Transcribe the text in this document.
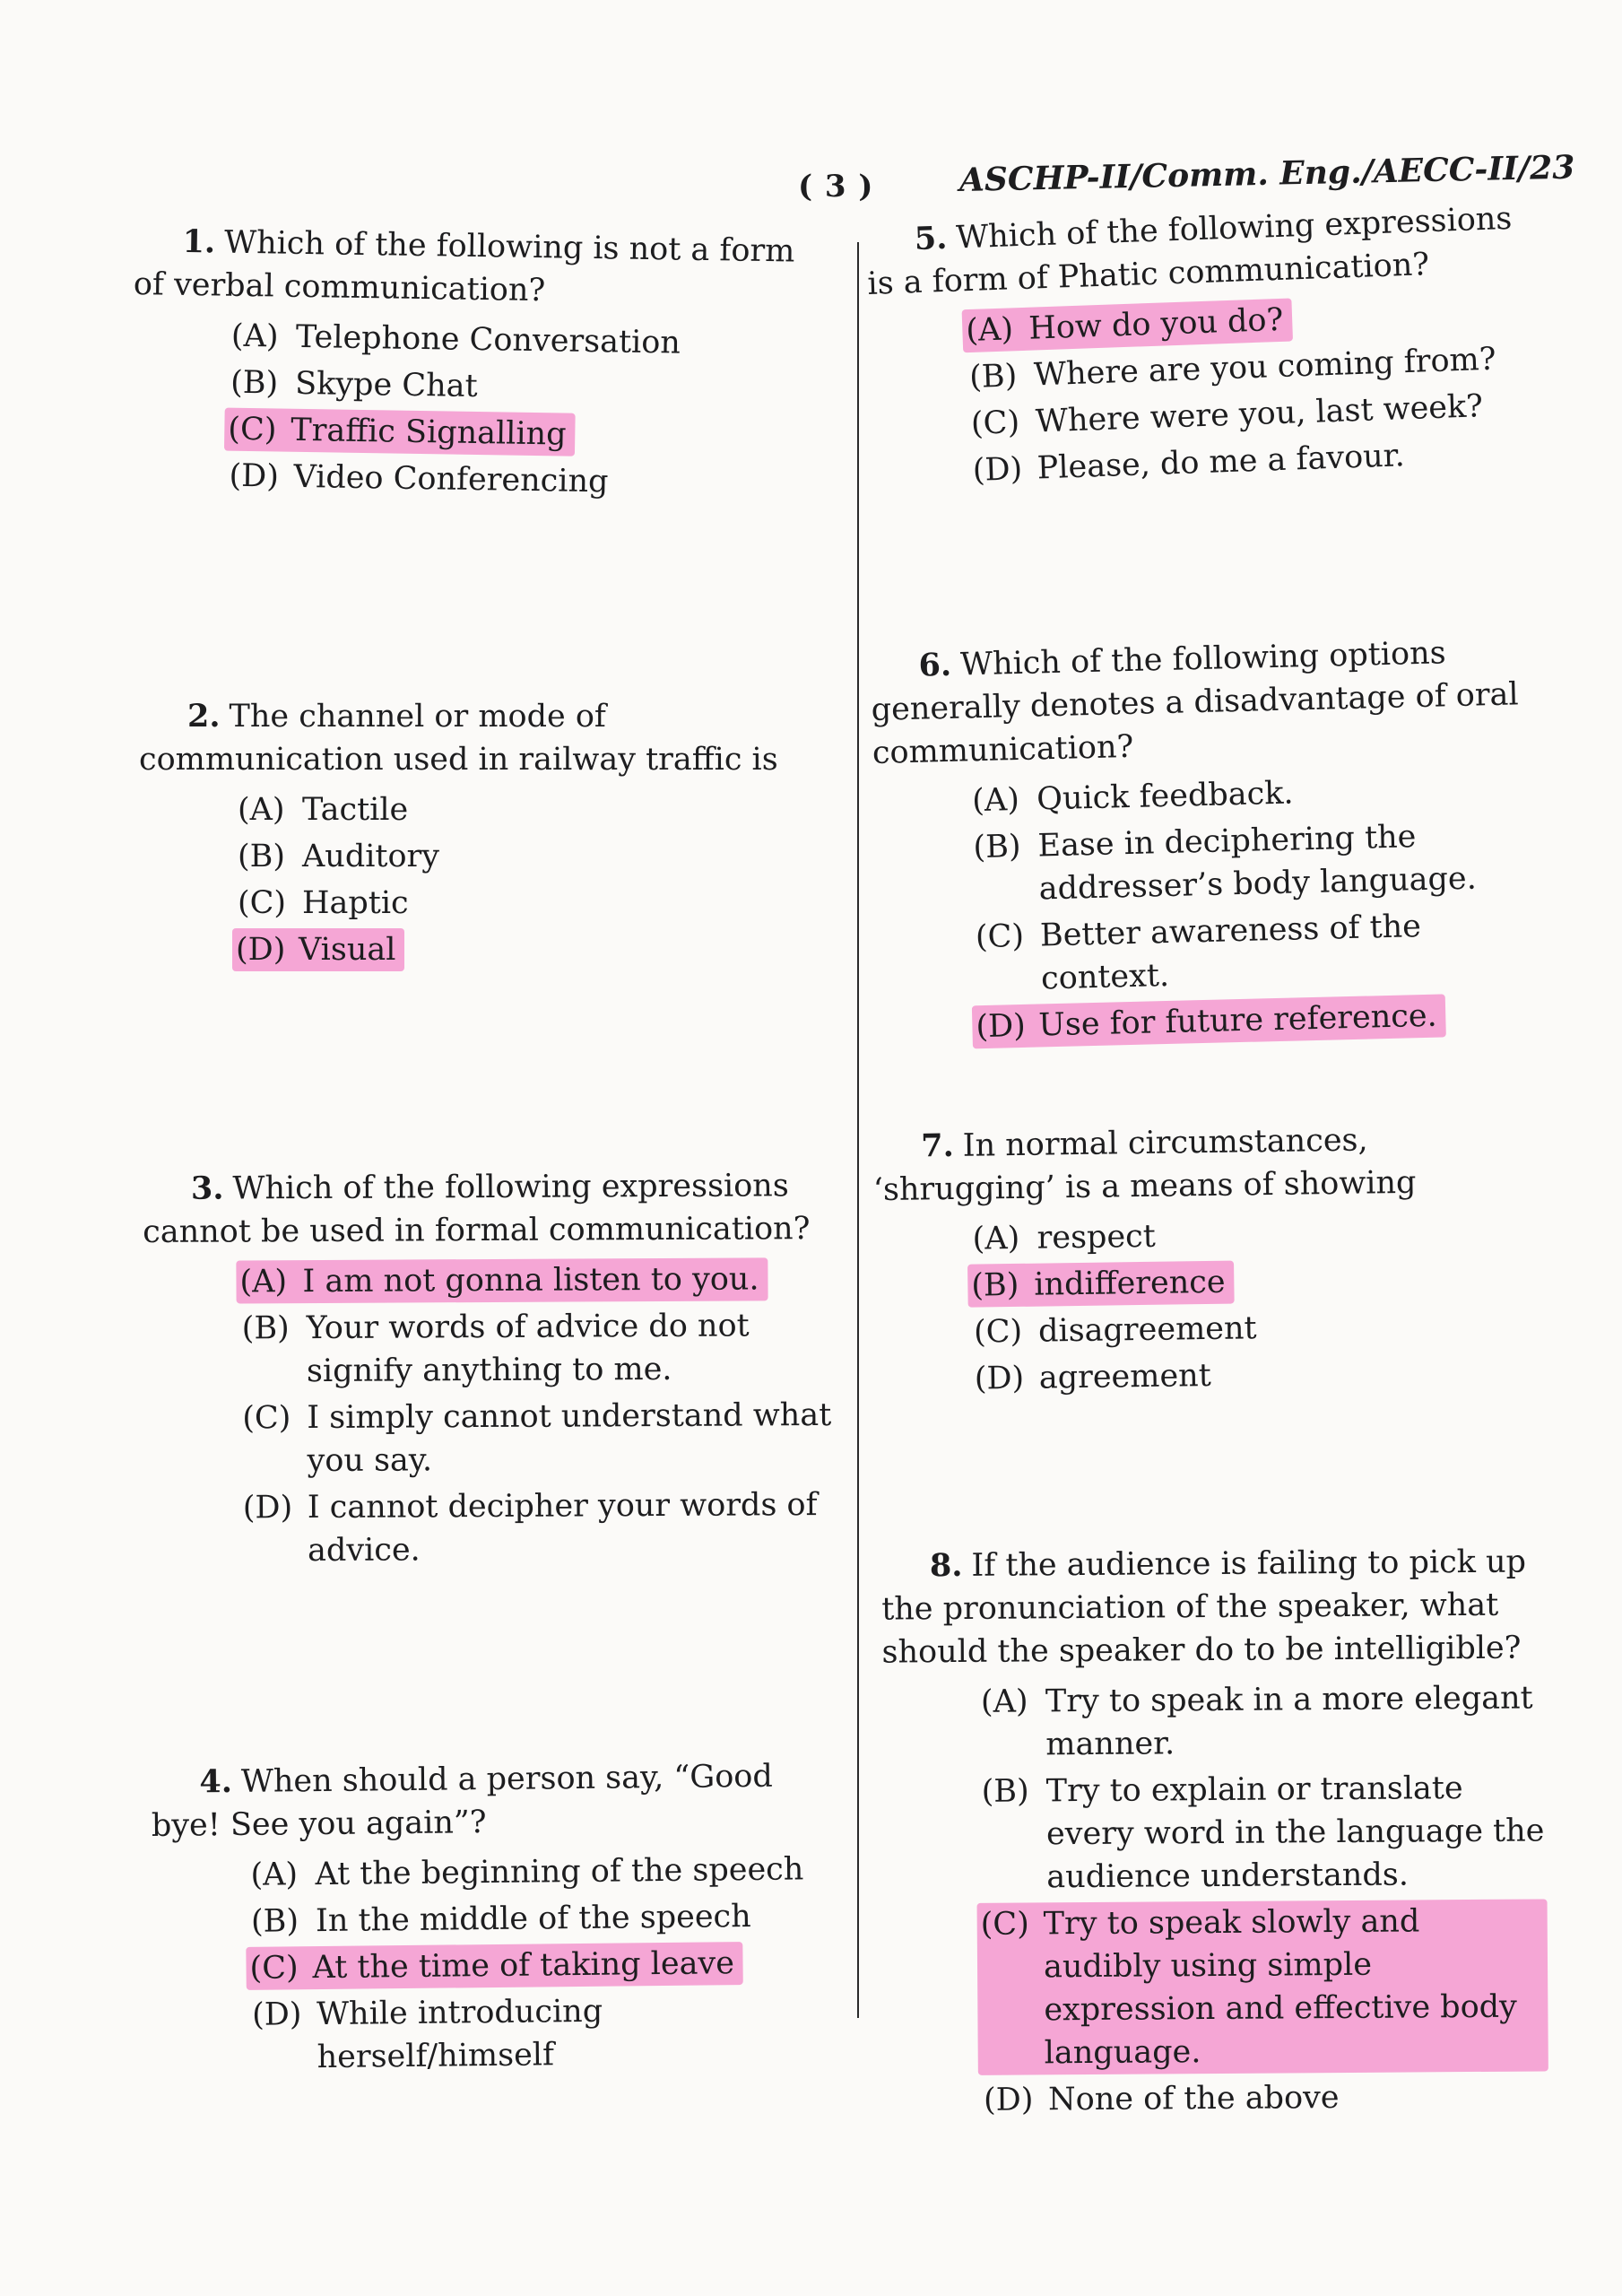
( 3 )	ASCHP-II/Comm. Eng./AECC-II/23

1. Which of the following is not a form of verbal communication?

(A) Telephone Conversation
(B) Skype Chat
(C) Traffic Signalling
(D) Video Conferencing

2. The channel or mode of communication used in railway traffic is

(A) Tactile
(B) Auditory
(C) Haptic
(D) Visual

3. Which of the following expressions cannot be used in formal communication?

(A) I am not gonna listen to you.
(B) Your words of advice do not signify anything to me.
(C) I simply cannot understand what you say.
(D) I cannot decipher your words of advice.

4. When should a person say, “Good bye! See you again”?

(A) At the beginning of the speech
(B) In the middle of the speech
(C) At the time of taking leave
(D) While introducing herself/himself

5. Which of the following expressions is a form of Phatic communication?

(A) How do you do?
(B) Where are you coming from?
(C) Where were you, last week?
(D) Please, do me a favour.

6. Which of the following options generally denotes a disadvantage of oral communication?

(A) Quick feedback.
(B) Ease in deciphering the addresser’s body language.
(C) Better awareness of the context.
(D) Use for future reference.

7. In normal circumstances, ‘shrugging’ is a means of showing

(A) respect
(B) indifference
(C) disagreement
(D) agreement

8. If the audience is failing to pick up the pronunciation of the speaker, what should the speaker do to be intelligible?

(A) Try to speak in a more elegant manner.
(B) Try to explain or translate every word in the language the audience understands.
(C) Try to speak slowly and audibly using simple expression and effective body language.
(D) None of the above
